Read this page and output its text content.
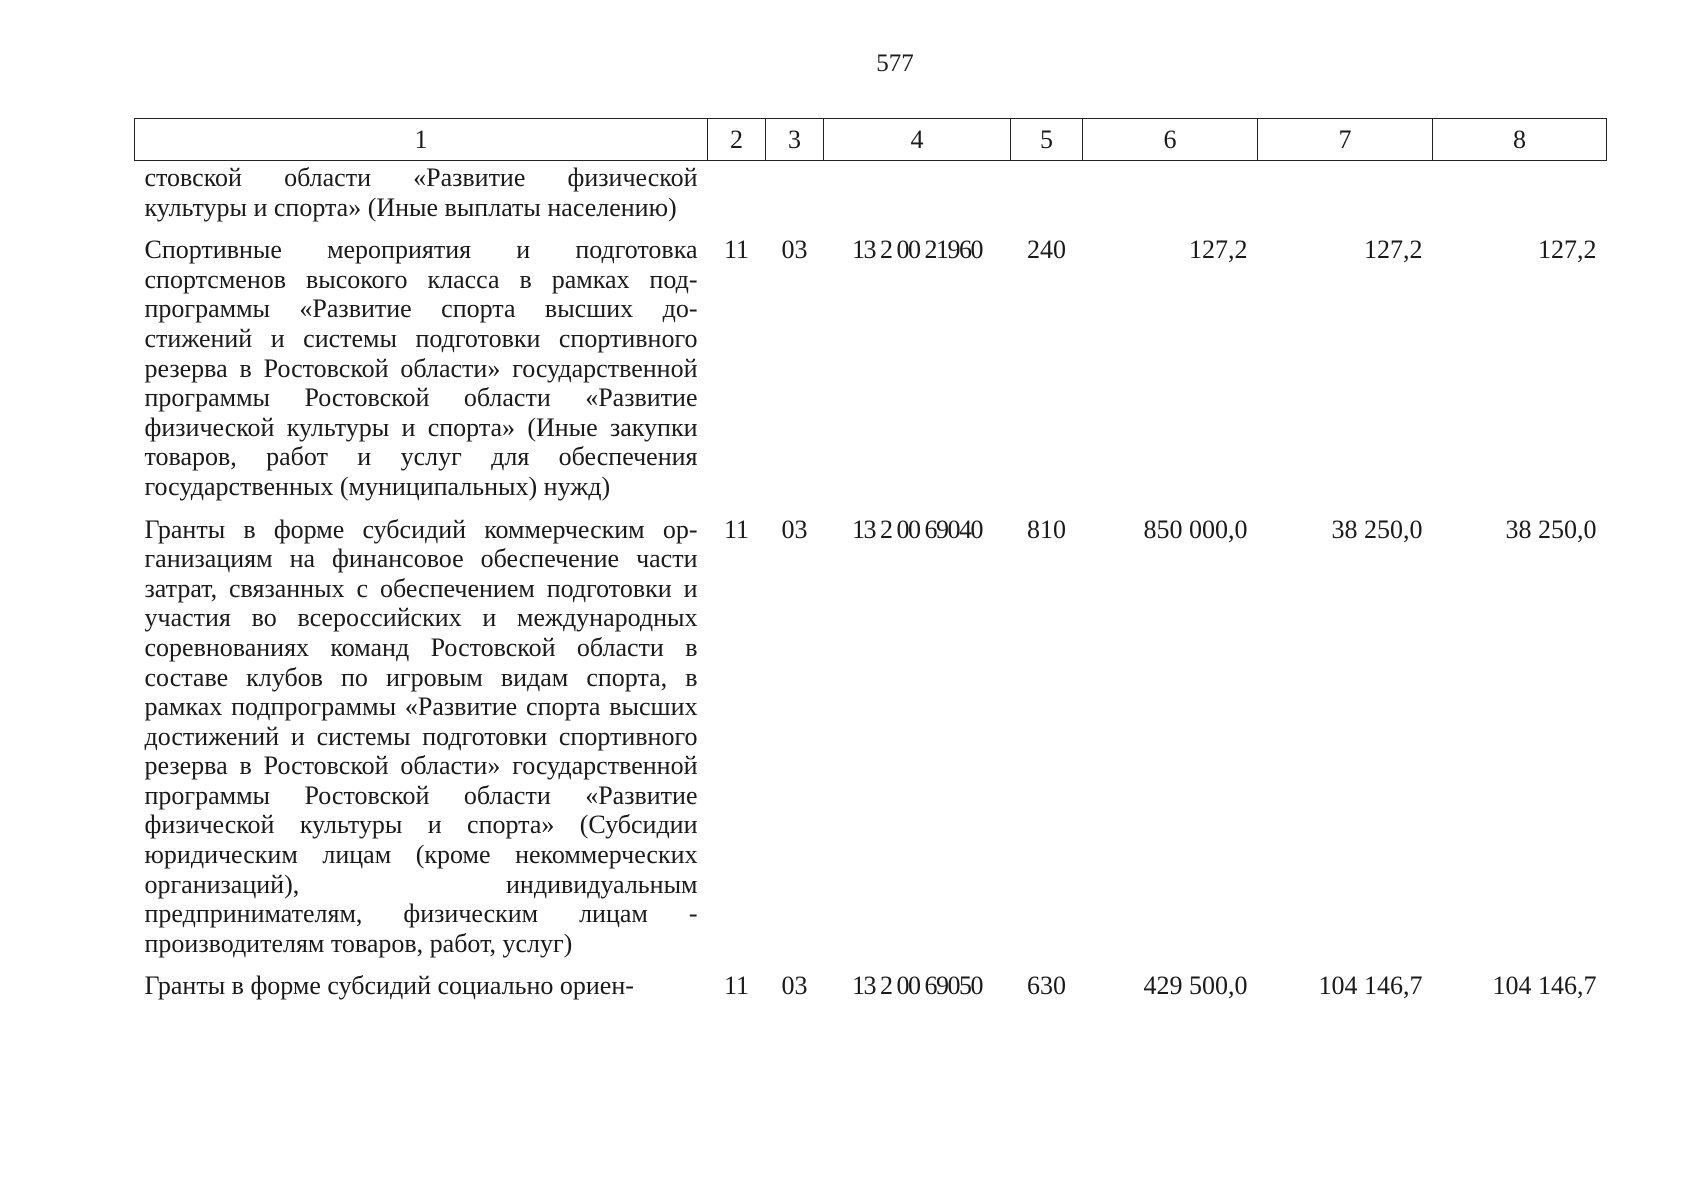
577
1	2	3	4	5	6	7	8
стовской области «Развитие физической культуры и спорта» (Иные выплаты населению)							
Спортивные мероприятия и подготовка спортсменов высокого класса в рамках подпрограммы «Развитие спорта высших достижений и системы подготовки спортивного резерва в Ростовской области» государственной программы Ростовской области «Развитие физической культуры и спорта» (Иные закупки товаров, работ и услуг для обеспечения государственных (муниципальных) нужд)	11	03	13 2 00 21960	240	127,2	127,2	127,2
Гранты в форме субсидий коммерческим организациям на финансовое обеспечение части затрат, связанных с обеспечением подготовки и участия во всероссийских и международных соревнованиях команд Ростовской области в составе клубов по игровым видам спорта, в рамках подпрограммы «Развитие спорта высших достижений и системы подготовки спортивного резерва в Ростовской области» государственной программы Ростовской области «Развитие физической культуры и спорта» (Субсидии юридическим лицам (кроме некоммерческих организаций), индивидуальным предпринимателям, физическим лицам - производителям товаров, работ, услуг)	11	03	13 2 00 69040	810	850 000,0	38 250,0	38 250,0
Гранты в форме субсидий социально ориен-	11	03	13 2 00 69050	630	429 500,0	104 146,7	104 146,7
